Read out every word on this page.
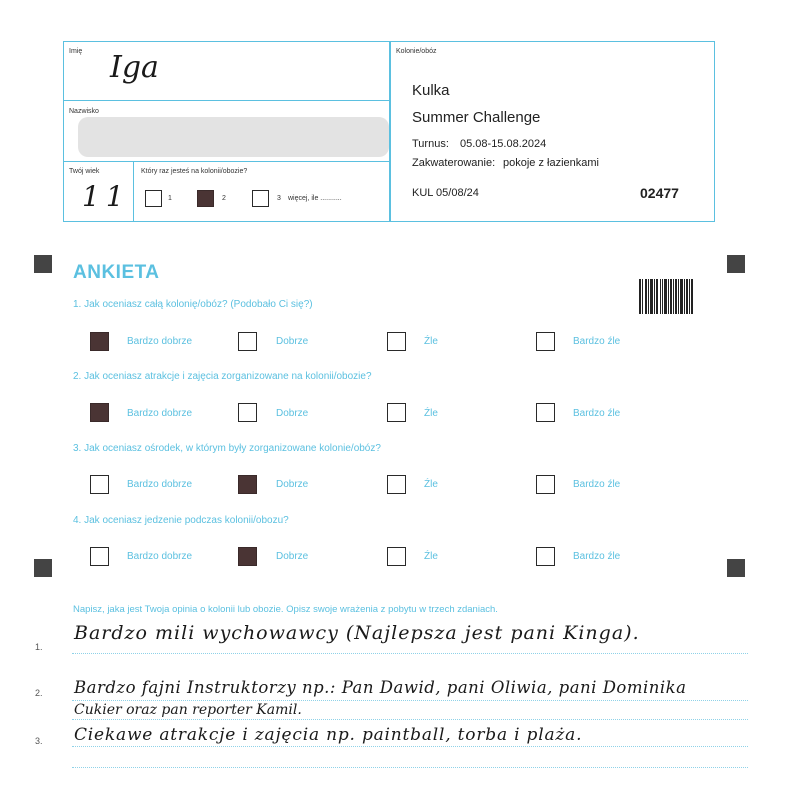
Imię Iga
Nazwisko
Twój wiek
11
Który raz jesteś na kolonii/obozie?
1	2	3 więcej, ile ...........
Kolonie/obóz
Kulka
Summer Challenge
Turnus: 05.08-15.08.2024
Zakwaterowanie: pokoje z łazienkami
KUL 05/08/24	02477
ANKIETA
1. Jak oceniasz całą kolonię/obóz? (Podobało Ci się?)
Bardzo dobrze	Dobrze	Źle	Bardzo źle
2. Jak oceniasz atrakcje i zajęcia zorganizowane na kolonii/obozie?
Bardzo dobrze	Dobrze	Źle	Bardzo źle
3. Jak oceniasz ośrodek, w którym były zorganizowane kolonie/obóz?
Bardzo dobrze	Dobrze	Źle	Bardzo źle
4. Jak oceniasz jedzenie podczas kolonii/obozu?
Bardzo dobrze	Dobrze	Źle	Bardzo źle
Napisz, jaka jest Twoja opinia o kolonii lub obozie. Opisz swoje wrażenia z pobytu w trzech zdaniach.
1.
2.
3.
Bardzo mili wychowawcy (Najlepsza jest pani Kinga).
Bardzo fajni Instruktorzy np.: Pan Dawid, pani Oliwia, pani Dominika
Cukier oraz pan reporter Kamil.
Ciekawe atrakcje i zajęcia np. paintball, torba i plaża.
